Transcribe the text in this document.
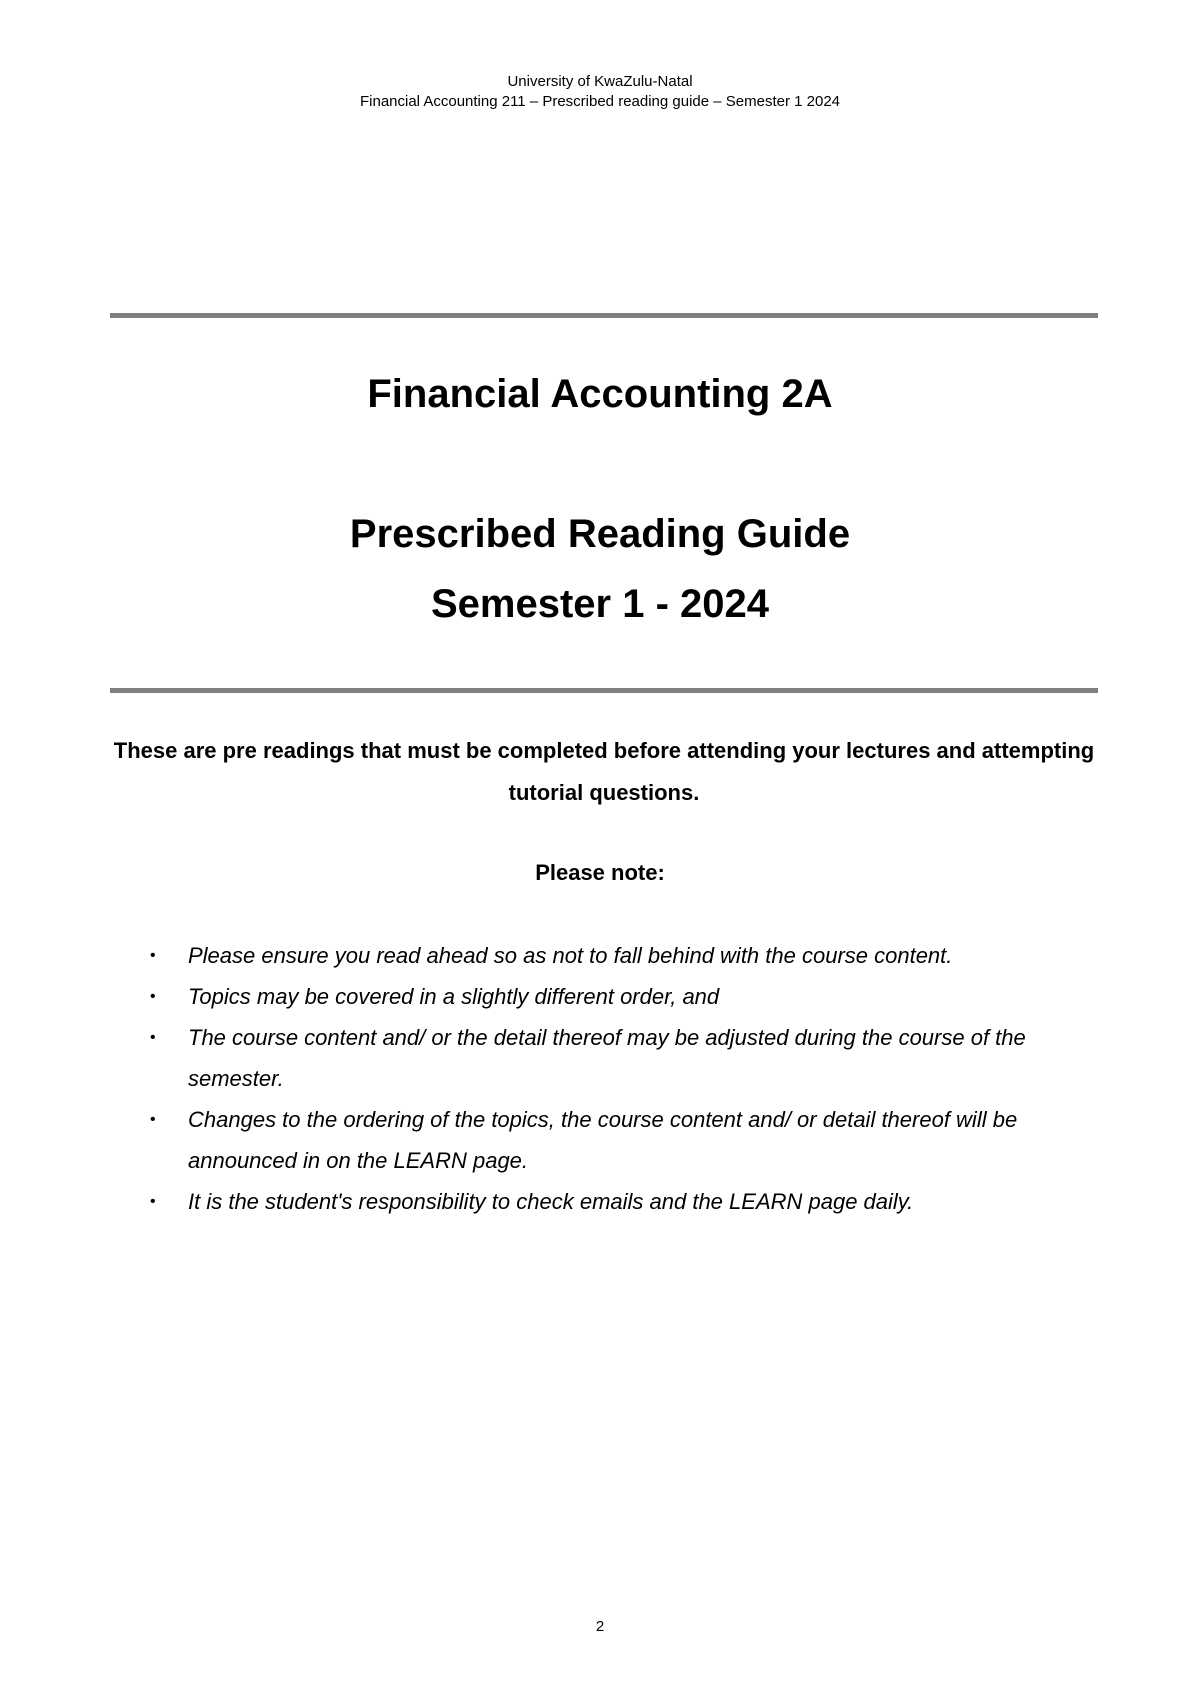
University of KwaZulu-Natal
Financial Accounting 211 – Prescribed reading guide – Semester 1 2024
Financial Accounting 2A
Prescribed Reading Guide
Semester 1 - 2024
These are pre readings that must be completed before attending your lectures and attempting tutorial questions.
Please note:
• Please ensure you read ahead so as not to fall behind with the course content.
• Topics may be covered in a slightly different order, and
• The course content and/ or the detail thereof may be adjusted during the course of the semester.
• Changes to the ordering of the topics, the course content and/ or detail thereof will be announced in on the LEARN page.
• It is the student's responsibility to check emails and the LEARN page daily.
2
